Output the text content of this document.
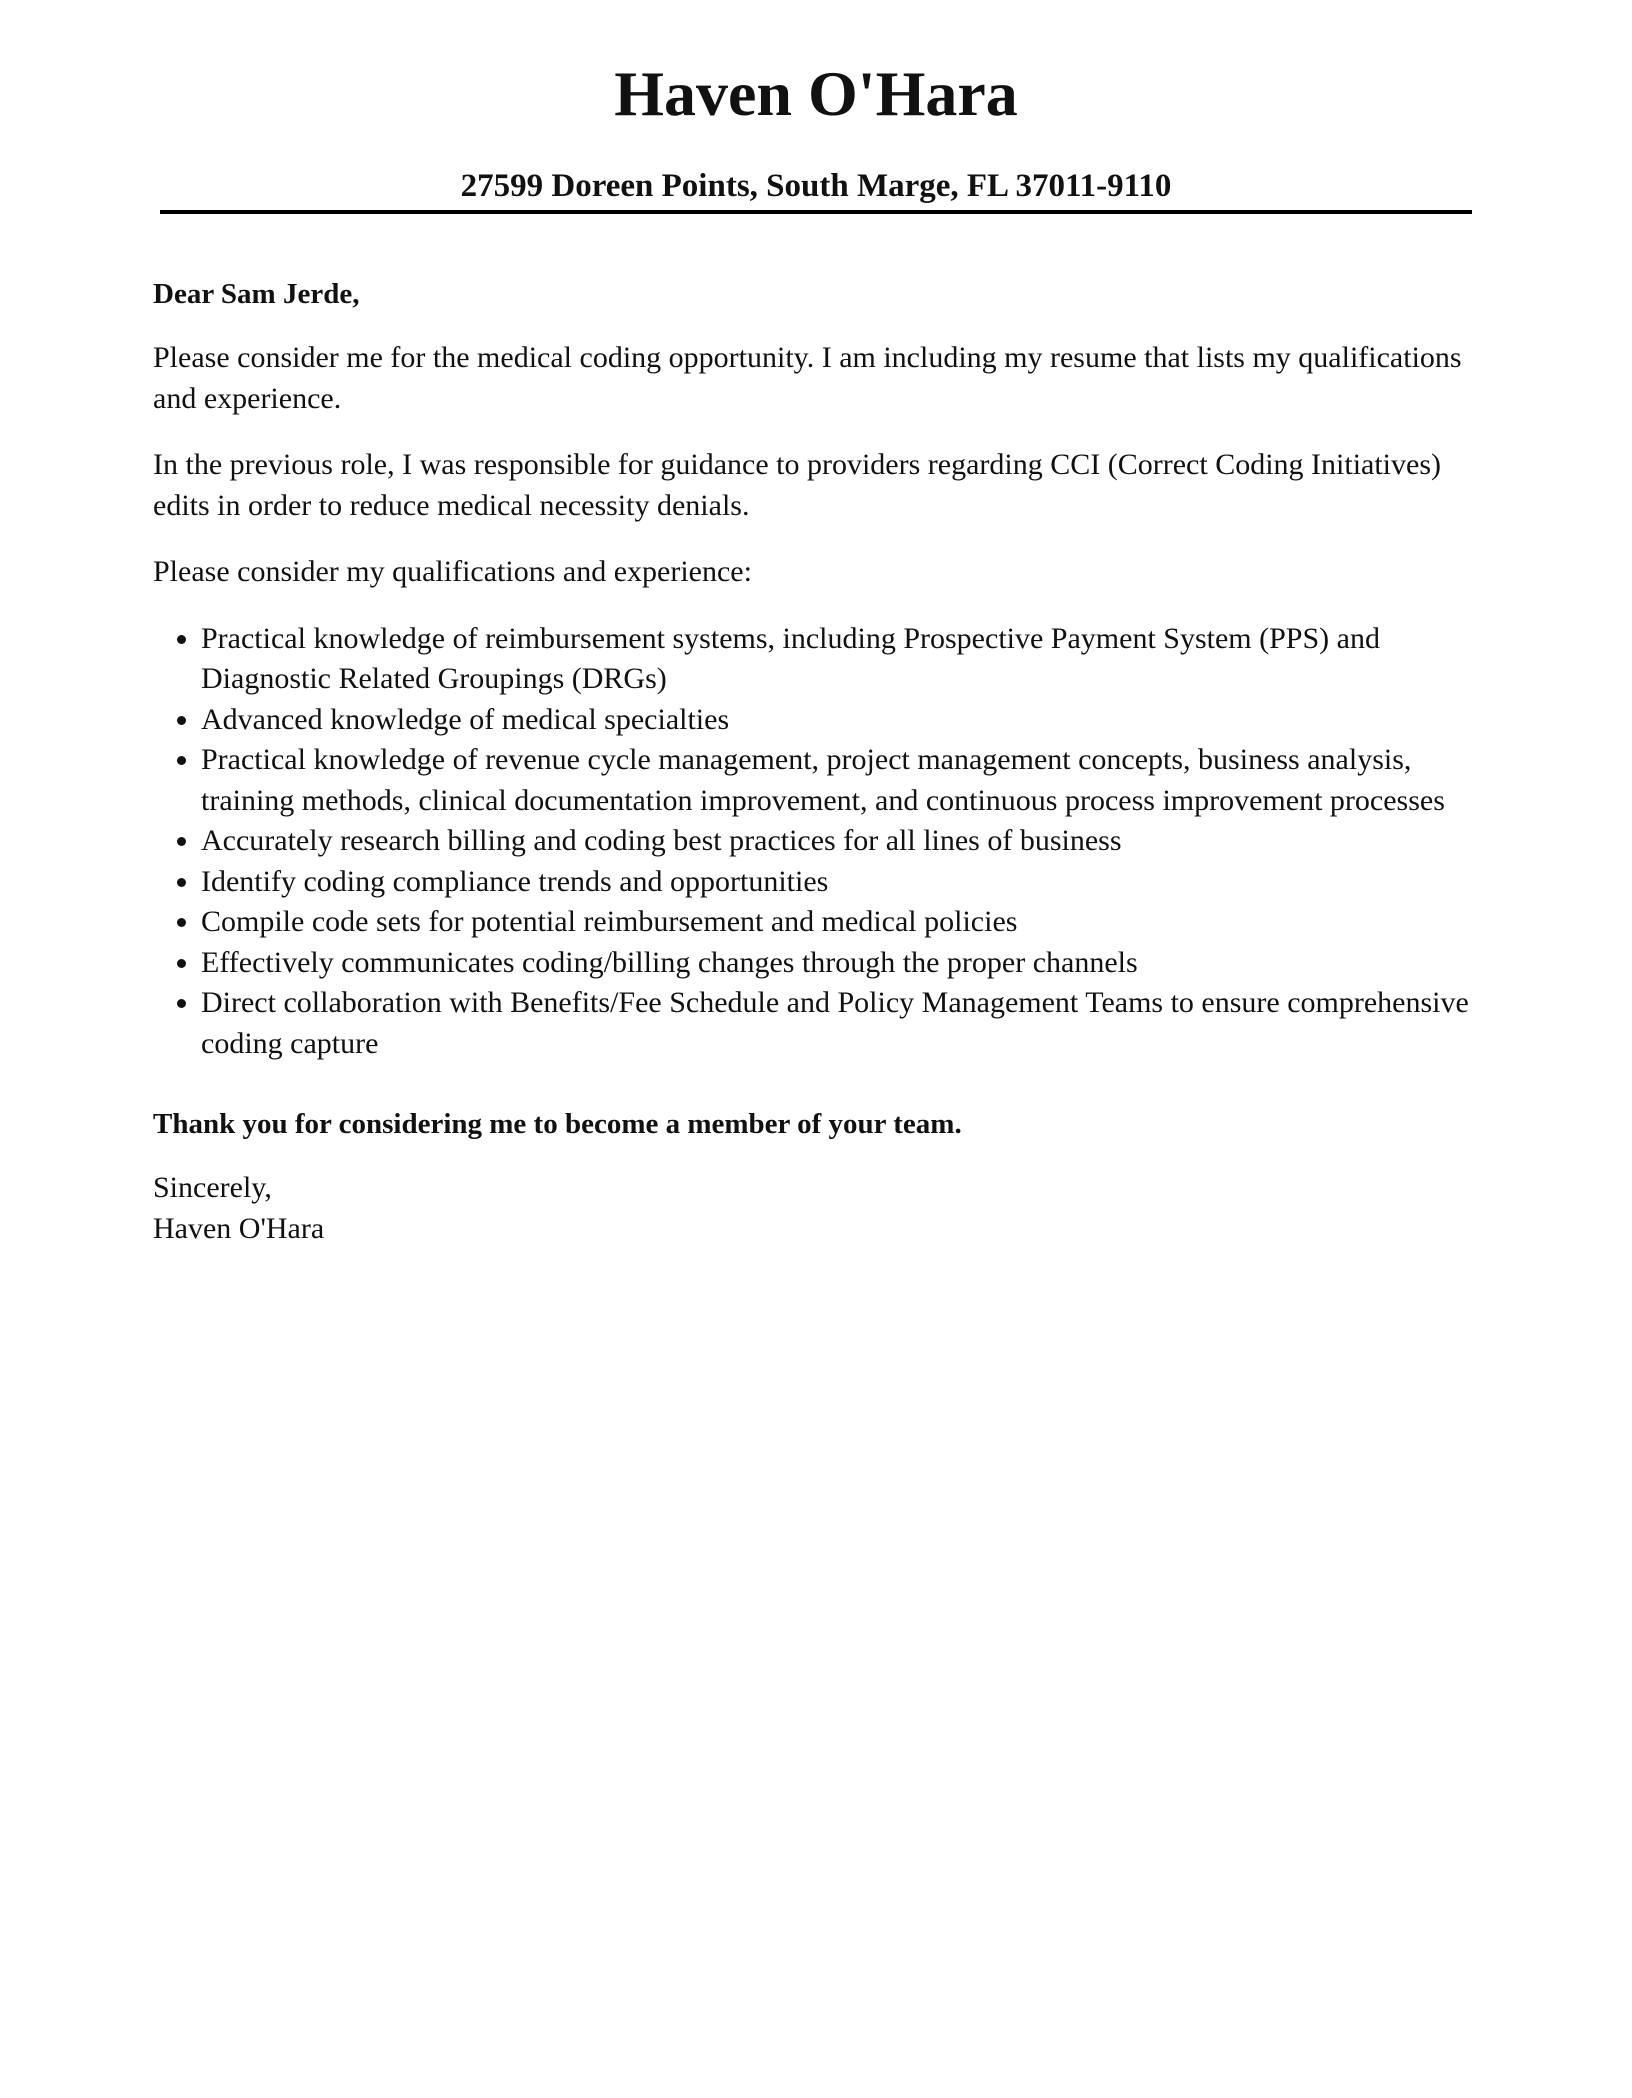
Haven O'Hara
27599 Doreen Points, South Marge, FL 37011-9110

Dear Sam Jerde,

Please consider me for the medical coding opportunity. I am including my resume that lists my qualifications and experience.

In the previous role, I was responsible for guidance to providers regarding CCI (Correct Coding Initiatives) edits in order to reduce medical necessity denials.

Please consider my qualifications and experience:

• Practical knowledge of reimbursement systems, including Prospective Payment System (PPS) and Diagnostic Related Groupings (DRGs)
• Advanced knowledge of medical specialties
• Practical knowledge of revenue cycle management, project management concepts, business analysis, training methods, clinical documentation improvement, and continuous process improvement processes
• Accurately research billing and coding best practices for all lines of business
• Identify coding compliance trends and opportunities
• Compile code sets for potential reimbursement and medical policies
• Effectively communicates coding/billing changes through the proper channels
• Direct collaboration with Benefits/Fee Schedule and Policy Management Teams to ensure comprehensive coding capture

Thank you for considering me to become a member of your team.

Sincerely,
Haven O'Hara
